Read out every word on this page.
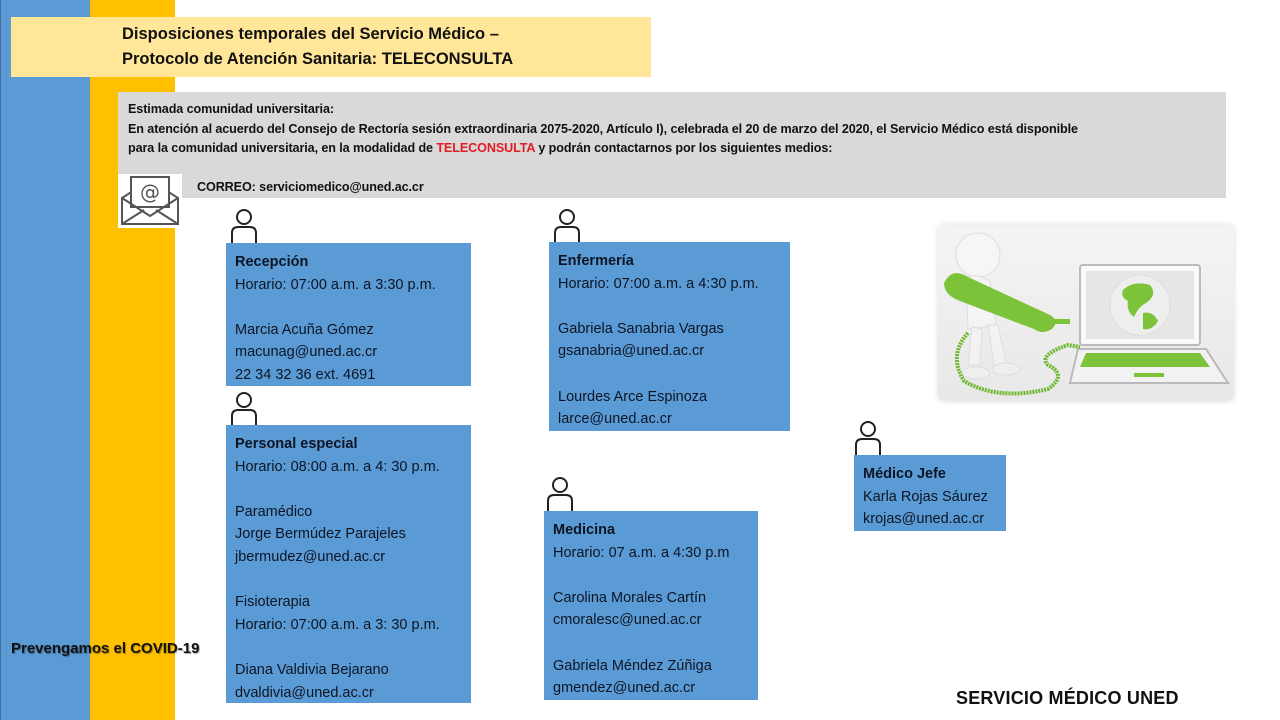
Disposiciones temporales del Servicio Médico –
Protocolo de Atención Sanitaria: TELECONSULTA
Estimada comunidad universitaria:
En atención al acuerdo del Consejo de Rectoría sesión extraordinaria 2075-2020, Artículo I), celebrada el 20 de marzo del 2020, el Servicio Médico está disponible
para la comunidad universitaria, en la modalidad de TELECONSULTA y podrán contactarnos por los siguientes medios:
CORREO: serviciomedico@uned.ac.cr
@
Recepción
Horario: 07:00 a.m. a 3:30 p.m.
Marcia Acuña Gómez
macunag@uned.ac.cr
22 34 32 36 ext. 4691
Enfermería
Horario: 07:00 a.m. a 4:30 p.m.
Gabriela Sanabria Vargas
gsanabria@uned.ac.cr
Lourdes Arce Espinoza
larce@uned.ac.cr
Personal especial
Horario: 08:00 a.m. a 4: 30 p.m.
Paramédico
Jorge Bermúdez Parajeles
jbermudez@uned.ac.cr
Fisioterapia
Horario: 07:00 a.m. a 3: 30 p.m.
Diana Valdivia Bejarano
dvaldivia@uned.ac.cr
Medicina
Horario: 07 a.m. a 4:30 p.m
Carolina Morales Cartín
cmoralesc@uned.ac.cr
Gabriela Méndez Zúñiga
gmendez@uned.ac.cr
Médico Jefe
Karla Rojas Sáurez
krojas@uned.ac.cr
Prevengamos el COVID-19
SERVICIO MÉDICO UNED
